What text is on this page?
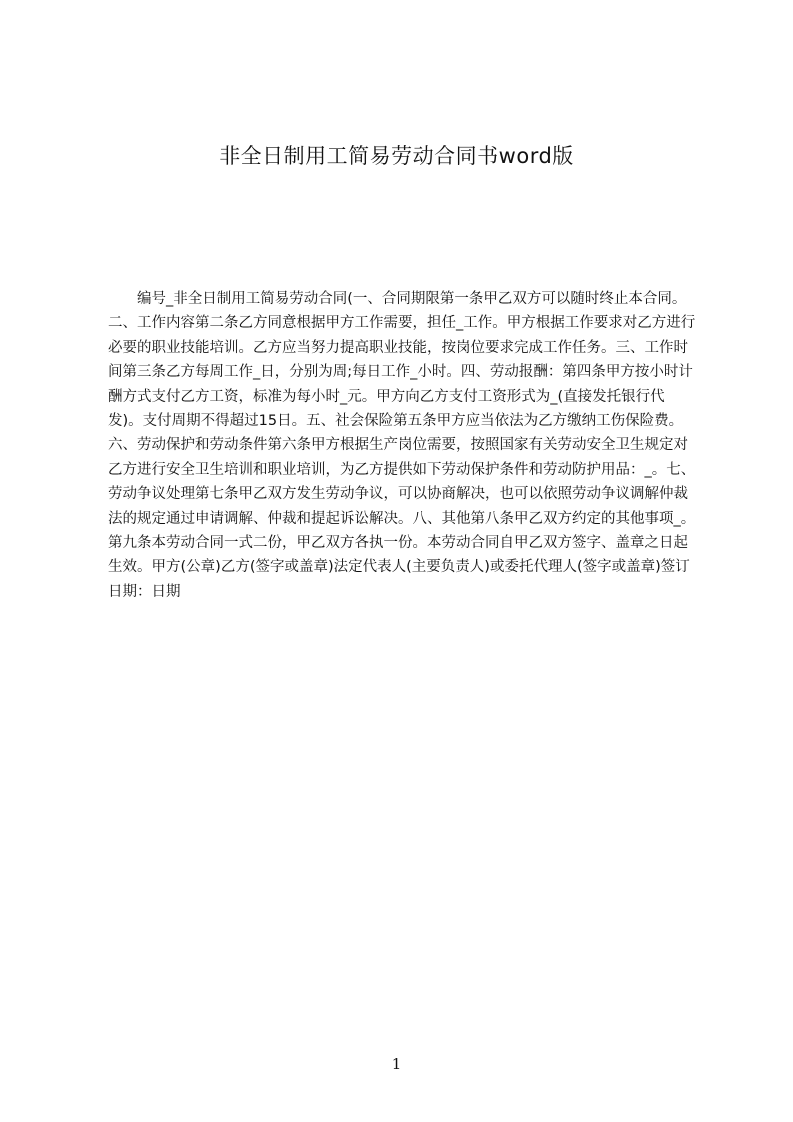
非全日制用工简易劳动合同书word版

编号_非全日制用工简易劳动合同(一、合同期限第一条甲乙双方可以随时终止本合同。二、工作内容第二条乙方同意根据甲方工作需要，担任_工作。甲方根据工作要求对乙方进行必要的职业技能培训。乙方应当努力提高职业技能，按岗位要求完成工作任务。三、工作时间第三条乙方每周工作_日，分别为周;每日工作_小时。四、劳动报酬：第四条甲方按小时计酬方式支付乙方工资，标准为每小时_元。甲方向乙方支付工资形式为_(直接发托银行代发)。支付周期不得超过15日。五、社会保险第五条甲方应当依法为乙方缴纳工伤保险费。六、劳动保护和劳动条件第六条甲方根据生产岗位需要，按照国家有关劳动安全卫生规定对乙方进行安全卫生培训和职业培训，为乙方提供如下劳动保护条件和劳动防护用品：_。七、劳动争议处理第七条甲乙双方发生劳动争议，可以协商解决，也可以依照劳动争议调解仲裁法的规定通过申请调解、仲裁和提起诉讼解决。八、其他第八条甲乙双方约定的其他事项_。第九条本劳动合同一式二份，甲乙双方各执一份。本劳动合同自甲乙双方签字、盖章之日起生效。甲方(公章)乙方(签字或盖章)法定代表人(主要负责人)或委托代理人(签字或盖章)签订日期：日期

1
